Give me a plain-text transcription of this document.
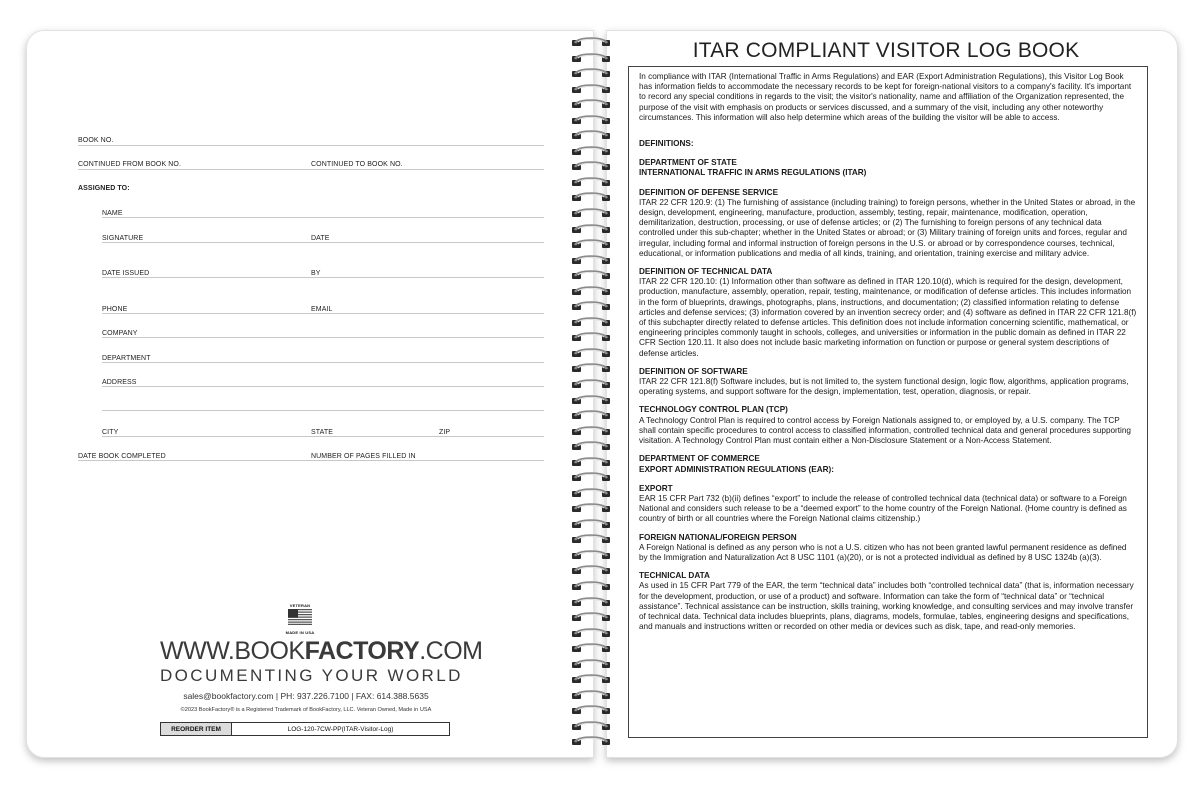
BOOK NO.
CONTINUED FROM BOOK NO.	CONTINUED TO BOOK NO.
ASSIGNED TO:
NAME
SIGNATURE	DATE
DATE ISSUED	BY
PHONE	EMAIL
COMPANY
DEPARTMENT
ADDRESS
CITY	STATE	ZIP
DATE BOOK COMPLETED	NUMBER OF PAGES FILLED IN
VETERAN
MADE IN USA
WWW.BOOKFACTORY.COM
DOCUMENTING YOUR WORLD
sales@bookfactory.com | PH: 937.226.7100 | FAX: 614.388.5635
©2023 BookFactory® is a Registered Trademark of BookFactory, LLC. Veteran Owned, Made in USA
REORDER ITEM	LOG-120-7CW-PP(ITAR-Visitor-Log)
ITAR COMPLIANT VISITOR LOG BOOK

In compliance with ITAR (International Traffic in Arms Regulations) and EAR (Export Administration Regulations), this Visitor Log Book has information fields to accommodate the necessary records to be kept for foreign-national visitors to a company's facility. It's important to record any special conditions in regards to the visit; the visitor's nationality, name and affiliation of the Organization represented, the purpose of the visit with emphasis on products or services discussed, and a summary of the visit, including any other noteworthy circumstances. This information will also help determine which areas of the building the visitor will be able to access.

DEFINITIONS:

DEPARTMENT OF STATE

INTERNATIONAL TRAFFIC IN ARMS REGULATIONS (ITAR)

DEFINITION OF DEFENSE SERVICE

ITAR 22 CFR 120.9: (1) The furnishing of assistance (including training) to foreign persons, whether in the United States or abroad, in the design, development, engineering, manufacture, production, assembly, testing, repair, maintenance, modification, operation, demilitarization, destruction, processing, or use of defense articles; or (2) The furnishing to foreign persons of any technical data controlled under this sub-chapter; whether in the United States or abroad; or (3) Military training of foreign units and forces, regular and irregular, including formal and informal instruction of foreign persons in the U.S. or abroad or by correspondence courses, technical, educational, or information publications and media of all kinds, training, and orientation, training exercise and military advice.

DEFINITION OF TECHNICAL DATA

ITAR 22 CFR 120.10: (1) Information other than software as defined in ITAR 120.10(d), which is required for the design, development, production, manufacture, assembly, operation, repair, testing, maintenance, or modification of defense articles. This includes information in the form of blueprints, drawings, photographs, plans, instructions, and documentation; (2) classified information relating to defense articles and defense services; (3) information covered by an invention secrecy order; and (4) software as defined in ITAR 22 CFR 121.8(f) of this subchapter directly related to defense articles. This definition does not include information concerning scientific, mathematical, or engineering principles commonly taught in schools, colleges, and universities or information in the public domain as defined in ITAR 22 CFR Section 120.11. It also does not include basic marketing information on function or purpose or general system descriptions of defense articles.

DEFINITION OF SOFTWARE

ITAR 22 CFR 121.8(f) Software includes, but is not limited to, the system functional design, logic flow, algorithms, application programs, operating systems, and support software for the design, implementation, test, operation, diagnosis, or repair.

TECHNOLOGY CONTROL PLAN (TCP)

A Technology Control Plan is required to control access by Foreign Nationals assigned to, or employed by, a U.S. company. The TCP shall contain specific procedures to control access to classified information, controlled technical data and general procedures supporting visitation. A Technology Control Plan must contain either a Non-Disclosure Statement or a Non-Access Statement.

DEPARTMENT OF COMMERCE

EXPORT ADMINISTRATION REGULATIONS (EAR):

EXPORT

EAR 15 CFR Part 732 (b)(ii) defines “export” to include the release of controlled technical data (technical data) or software to a Foreign National and considers such release to be a “deemed export” to the home country of the Foreign National. (Home country is defined as country of birth or all countries where the Foreign National claims citizenship.)

FOREIGN NATIONAL/FOREIGN PERSON

A Foreign National is defined as any person who is not a U.S. citizen who has not been granted lawful permanent residence as defined by the Immigration and Naturalization Act 8 USC 1101 (a)(20), or is not a protected individual as defined by 8 USC 1324b (a)(3).

TECHNICAL DATA

As used in 15 CFR Part 779 of the EAR, the term “technical data” includes both “controlled technical data” (that is, information necessary for the development, production, or use of a product) and software. Information can take the form of “technical data” or “technical assistance”. Technical assistance can be instruction, skills training, working knowledge, and consulting services and may involve transfer of technical data. Technical data includes blueprints, plans, diagrams, models, formulae, tables, engineering designs and specifications, and manuals and instructions written or recorded on other media or devices such as disk, tape, and read-only memories.
